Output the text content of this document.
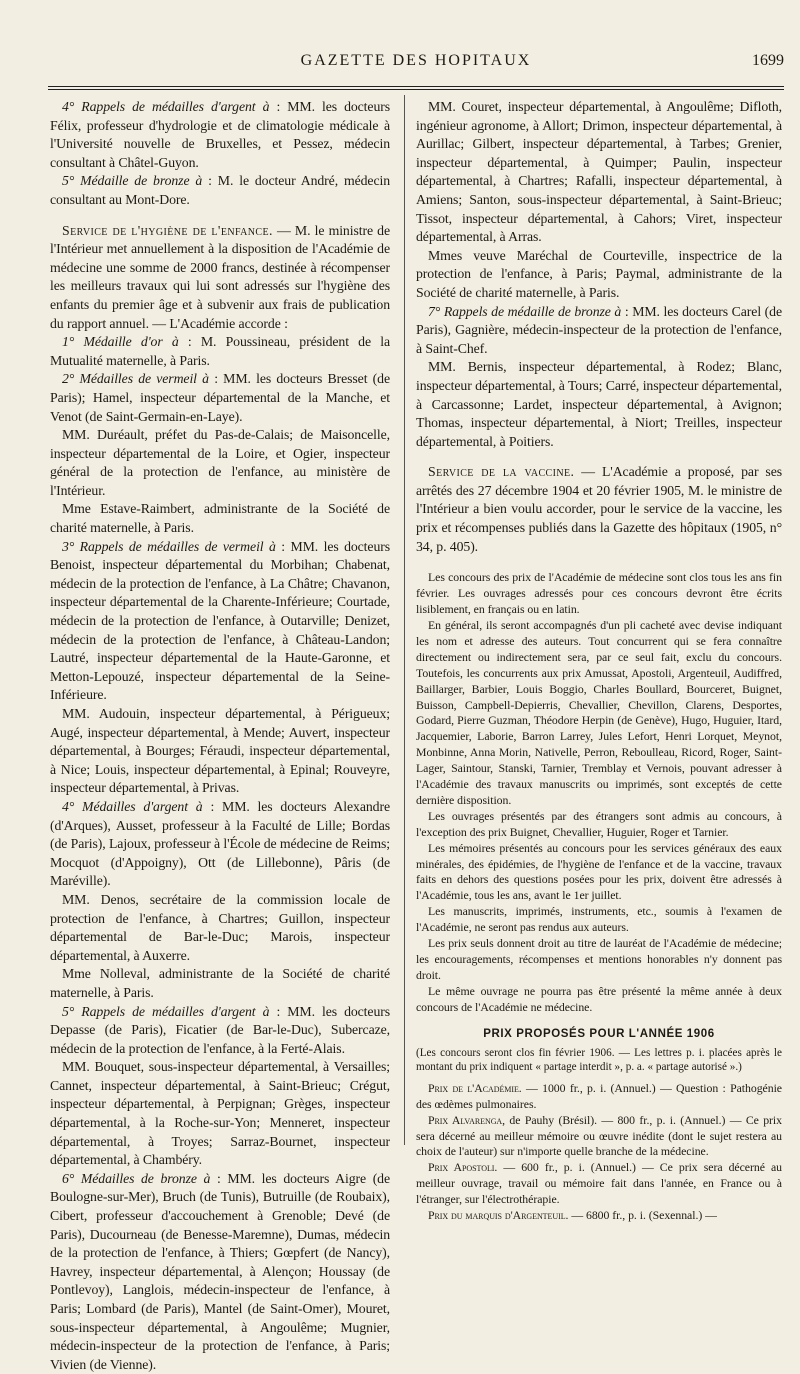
GAZETTE DES HOPITAUX	1699

4° Rappels de médailles d'argent à : MM. les docteurs Félix, professeur d'hydrologie et de climatologie médicale à l'Université nouvelle de Bruxelles, et Pessez, médecin consultant à Châtel-Guyon.

5° Médaille de bronze à : M. le docteur André, médecin consultant au Mont-Dore.

Service de l'hygiène de l'enfance. — M. le ministre de l'Intérieur met annuellement à la disposition de l'Académie de médecine une somme de 2000 francs, destinée à récompenser les meilleurs travaux qui lui sont adressés sur l'hygiène des enfants du premier âge et à subvenir aux frais de publication du rapport annuel. — L'Académie accorde :

1° Médaille d'or à : M. Poussineau, président de la Mutualité maternelle, à Paris.

2° Médailles de vermeil à : MM. les docteurs Bresset (de Paris); Hamel, inspecteur départemental de la Manche, et Venot (de Saint-Germain-en-Laye).

MM. Duréault, préfet du Pas-de-Calais; de Maisoncelle, inspecteur départemental de la Loire, et Ogier, inspecteur général de la protection de l'enfance, au ministère de l'Intérieur.

Mme Estave-Raimbert, administrante de la Société de charité maternelle, à Paris.

3° Rappels de médailles de vermeil à : MM. les docteurs Benoist, inspecteur départemental du Morbihan; Chabenat, médecin de la protection de l'enfance, à La Châtre; Chavanon, inspecteur départemental de la Charente-Inférieure; Courtade, médecin de la protection de l'enfance, à Outarville; Denizet, médecin de la protection de l'enfance, à Château-Landon; Lautré, inspecteur départemental de la Haute-Garonne, et Metton-Lepouzé, inspecteur départemental de la Seine-Inférieure.

MM. Audouin, inspecteur départemental, à Périgueux; Augé, inspecteur départemental, à Mende; Auvert, inspecteur départemental, à Bourges; Féraudi, inspecteur départemental, à Nice; Louis, inspecteur départemental, à Epinal; Rouveyre, inspecteur départemental, à Privas.

4° Médailles d'argent à : MM. les docteurs Alexandre (d'Arques), Ausset, professeur à la Faculté de Lille; Bordas (de Paris), Lajoux, professeur à l'École de médecine de Reims; Mocquot (d'Appoigny), Ott (de Lillebonne), Pâris (de Maréville).

MM. Denos, secrétaire de la commission locale de protection de l'enfance, à Chartres; Guillon, inspecteur départemental de Bar-le-Duc; Marois, inspecteur départemental, à Auxerre.

Mme Nolleval, administrante de la Société de charité maternelle, à Paris.

5° Rappels de médailles d'argent à : MM. les docteurs Depasse (de Paris), Ficatier (de Bar-le-Duc), Subercaze, médecin de la protection de l'enfance, à la Ferté-Alais.

MM. Bouquet, sous-inspecteur départemental, à Versailles; Cannet, inspecteur départemental, à Saint-Brieuc; Crégut, inspecteur départemental, à Perpignan; Grèges, inspecteur départemental, à la Roche-sur-Yon; Menneret, inspecteur départemental, à Troyes; Sarraz-Bournet, inspecteur départemental, à Chambéry.

6° Médailles de bronze à : MM. les docteurs Aigre (de Boulogne-sur-Mer), Bruch (de Tunis), Butruille (de Roubaix), Cibert, professeur d'accouchement à Grenoble; Devé (de Paris), Ducourneau (de Benesse-Maremne), Dumas, médecin de la protection de l'enfance, à Thiers; Gœpfert (de Nancy), Havrey, inspecteur départemental, à Alençon; Houssay (de Pontlevoy), Langlois, médecin-inspecteur de l'enfance, à Paris; Lombard (de Paris), Mantel (de Saint-Omer), Mouret, sous-inspecteur départemental, à Angoulême; Mugnier, médecin-inspecteur de la protection de l'enfance, à Paris; Vivien (de Vienne).

MM. Couret, inspecteur départemental, à Angoulême; Difloth, ingénieur agronome, à Allort; Drimon, inspecteur départemental, à Aurillac; Gilbert, inspecteur départemental, à Tarbes; Grenier, inspecteur départemental, à Quimper; Paulin, inspecteur départemental, à Chartres; Rafalli, inspecteur départemental, à Amiens; Santon, sous-inspecteur départemental, à Saint-Brieuc; Tissot, inspecteur départemental, à Cahors; Viret, inspecteur départemental, à Arras.

Mmes veuve Maréchal de Courteville, inspectrice de la protection de l'enfance, à Paris; Paymal, administrante de la Société de charité maternelle, à Paris.

7° Rappels de médaille de bronze à : MM. les docteurs Carel (de Paris), Gagnière, médecin-inspecteur de la protection de l'enfance, à Saint-Chef.

MM. Bernis, inspecteur départemental, à Rodez; Blanc, inspecteur départemental, à Tours; Carré, inspecteur départemental, à Carcassonne; Lardet, inspecteur départemental, à Avignon; Thomas, inspecteur départemental, à Niort; Treilles, inspecteur départemental, à Poitiers.

Service de la vaccine. — L'Académie a proposé, par ses arrêtés des 27 décembre 1904 et 20 février 1905, M. le ministre de l'Intérieur a bien voulu accorder, pour le service de la vaccine, les prix et récompenses publiés dans la Gazette des hôpitaux (1905, n° 34, p. 405).

Les concours des prix de l'Académie de médecine sont clos tous les ans fin février. Les ouvrages adressés pour ces concours devront être écrits lisiblement, en français ou en latin.

En général, ils seront accompagnés d'un pli cacheté avec devise indiquant les nom et adresse des auteurs. Tout concurrent qui se fera connaître directement ou indirectement sera, par ce seul fait, exclu du concours. Toutefois, les concurrents aux prix Amussat, Apostoli, Argenteuil, Audiffred, Baillarger, Barbier, Louis Boggio, Charles Boullard, Bourceret, Buignet, Buisson, Campbell-Depierris, Chevallier, Chevillon, Clarens, Desportes, Godard, Pierre Guzman, Théodore Herpin (de Genève), Hugo, Huguier, Itard, Jacquemier, Laborie, Barron Larrey, Jules Lefort, Henri Lorquet, Meynot, Monbinne, Anna Morin, Nativelle, Perron, Reboulleau, Ricord, Roger, Saint-Lager, Saintour, Stanski, Tarnier, Tremblay et Vernois, pouvant adresser à l'Académie des travaux manuscrits ou imprimés, sont exceptés de cette dernière disposition.

Les ouvrages présentés par des étrangers sont admis au concours, à l'exception des prix Buignet, Chevallier, Huguier, Roger et Tarnier.

Les mémoires présentés au concours pour les services généraux des eaux minérales, des épidémies, de l'hygiène de l'enfance et de la vaccine, travaux faits en dehors des questions posées pour les prix, doivent être adressés à l'Académie, tous les ans, avant le 1er juillet.

Les manuscrits, imprimés, instruments, etc., soumis à l'examen de l'Académie, ne seront pas rendus aux auteurs.

Les prix seuls donnent droit au titre de lauréat de l'Académie de médecine; les encouragements, récompenses et mentions honorables n'y donnent pas droit.

Le même ouvrage ne pourra pas être présenté la même année à deux concours de l'Académie ne médecine.

PRIX PROPOSÉS POUR L'ANNÉE 1906

(Les concours seront clos fin février 1906. — Les lettres p. i. placées après le montant du prix indiquent « partage interdit », p. a. « partage autorisé ».)

Prix de l'Académie. — 1000 fr., p. i. (Annuel.) — Question : Pathogénie des œdèmes pulmonaires.

Prix Alvarenga, de Pauhy (Brésil). — 800 fr., p. i. (Annuel.) — Ce prix sera décerné au meilleur mémoire ou œuvre inédite (dont le sujet restera au choix de l'auteur) sur n'importe quelle branche de la médecine.

Prix Apostoli. — 600 fr., p. i. (Annuel.) — Ce prix sera décerné au meilleur ouvrage, travail ou mémoire fait dans l'année, en France ou à l'étranger, sur l'électrothérapie.

Prix du marquis d'Argenteuil. — 6800 fr., p. i. (Sexennal.) —
